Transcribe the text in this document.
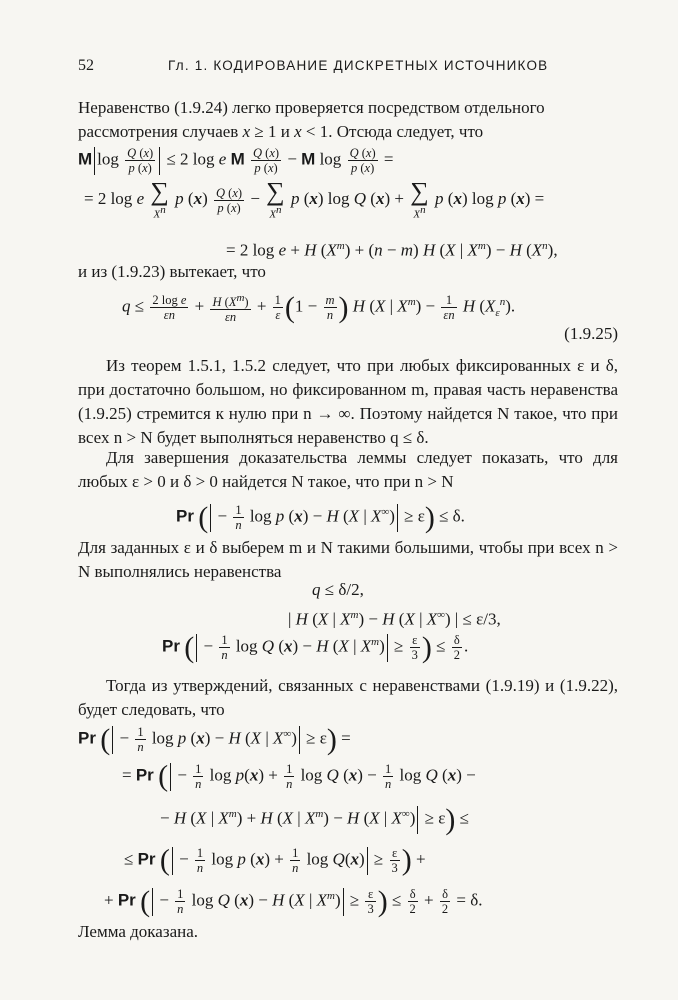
52	Гл. 1. КОДИРОВАНИЕ ДИСКРЕТНЫХ ИСТОЧНИКОВ
Неравенство (1.9.24) легко проверяется посредством отдельного
рассмотрения случаев x ≥ 1 и x < 1. Отсюда следует, что
M $\log \frac{Q (x)}{p (x)} \le 2$ log e M $\frac{Q (x)}{p (x)} - M$ $\log \frac{Q (x)}{p (x)}$ =
= 2 log e ∑
$X^n$
p $(x) \frac{Q (x)}{p (x)}$ − ∑
$X^n$
p (x) log Q (x) + ∑
$X^n$
p (x) log p (x) =
= 2 log e + H $(X^m) + (n - m)$ H (X | $X^m) - H$ $(X^n)$,
и из (1.9.23) вытекает, что
$q \le \frac{\text{2 log e}}{\varepsilon n} + \frac{H (X^m)}{\varepsilon n} + \frac{1}{\varepsilon} (1 - \frac{m}{n}$ ) H (X | $X^m) - \frac{1}{\varepsilon n}$ H $(X_\varepsilon^n)$.
(1.9.25)
Из теорем 1.5.1, 1.5.2 следует, что при любых фиксированных ε и δ, при достаточно большом, но фиксированном m, правая часть неравенства (1.9.25) стремится к нулю при n → ∞. Поэтому найдется N такое, что при всех n > N будет выполняться неравенство q ≤ δ.
Для завершения доказательства леммы следует показать, что для любых ε > 0 и δ > 0 найдется N такое, что при n > N
Pr ( − $\frac{1}{n}$ log p (x) − H (X | X∞) ≥ ε) ≤ δ.
Для заданных ε и δ выберем m и N такими большими, чтобы при всех n > N выполнялись неравенства
q ≤ δ/2,
| H (X | $X^m) - H$ (X | X∞) | ≤ ε/3,
Pr ( − $\frac{1}{n}$ log Q (x) − H (X | $X^m) \ge \frac{\varepsilon}{3}$ ) ≤ $\frac{\delta}{2}$ .
Тогда из утверждений, связанных с неравенствами (1.9.19) и (1.9.22), будет следовать, что
Pr ( − $\frac{1}{n}$ log p (x) − H (X | X∞) ≥ ε) =
= Pr ( − $\frac{1}{n}$ $\log p(x) + \frac{1}{n}$ log Q $(x) - \frac{1}{n}$ log Q (x) −
− H (X | $X^m) + H$ (X | $X^m) - H$ (X | X∞) ≥ ε) ≤
≤ Pr ( − $\frac{1}{n}$ log p $(x) + \frac{1}{n}$ $\log Q(x) \ge \frac{\varepsilon}{3}$ ) +
+ Pr ( − $\frac{1}{n}$ log Q (x) − H (X | $X^m) \ge \frac{\varepsilon}{3}$ ) ≤ $\frac{\delta}{2} + \frac{\delta}{2} = \delta$.
Лемма доказана.
